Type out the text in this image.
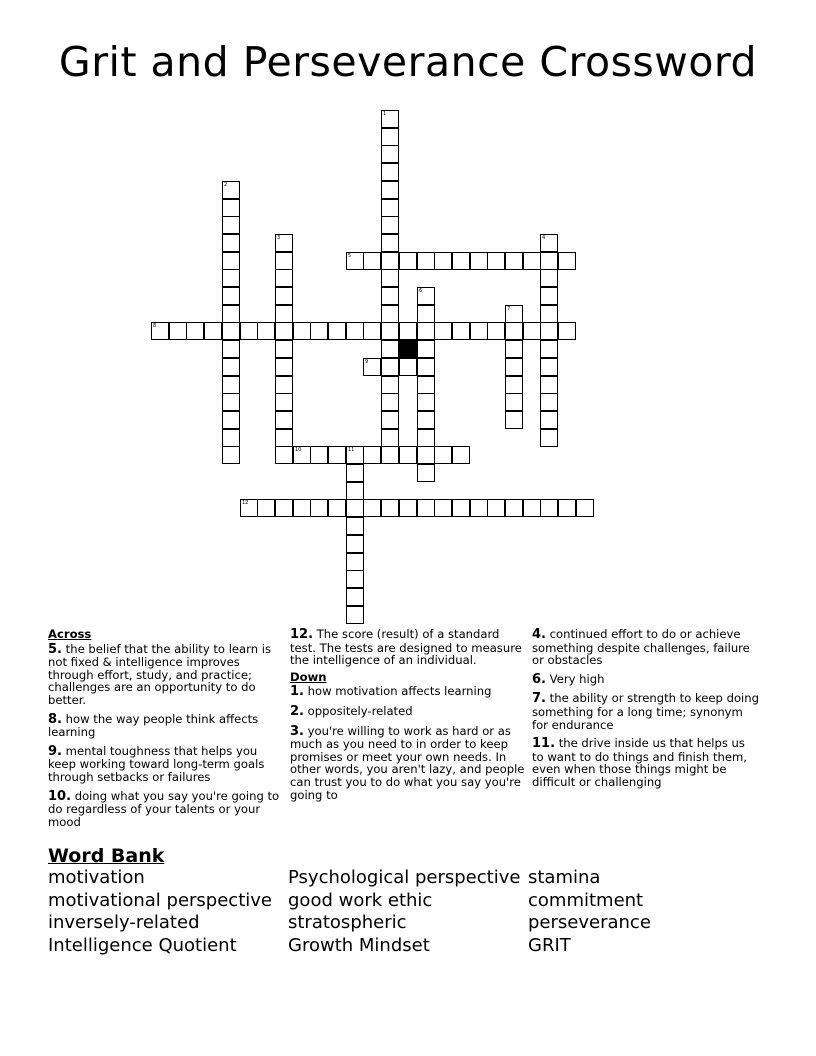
Grit and Perseverance Crossword
1
2
3	4
5
6
7
8
9
10	11
12
Across
5. the belief that the ability to learn is not fixed & intelligence improves through effort, study, and practice; challenges are an opportunity to do better.
8. how the way people think affects learning
9. mental toughness that helps you keep working toward long-term goals through setbacks or failures
10. doing what you say you're going to do regardless of your talents or your mood
12. The score (result) of a standard test. The tests are designed to measure the intelligence of an individual.
Down
1. how motivation affects learning
2. oppositely-related
3. you're willing to work as hard or as much as you need to in order to keep promises or meet your own needs. In other words, you aren't lazy, and people can trust you to do what you say you're going to
4. continued effort to do or achieve something despite challenges, failure or obstacles
6. Very high
7. the ability or strength to keep doing something for a long time; synonym for endurance
11. the drive inside us that helps us to want to do things and finish them, even when those things might be difficult or challenging
Word Bank
motivation
motivational perspective
inversely-related
Intelligence Quotient
Psychological perspective
good work ethic
stratospheric
Growth Mindset
stamina
commitment
perseverance
GRIT
